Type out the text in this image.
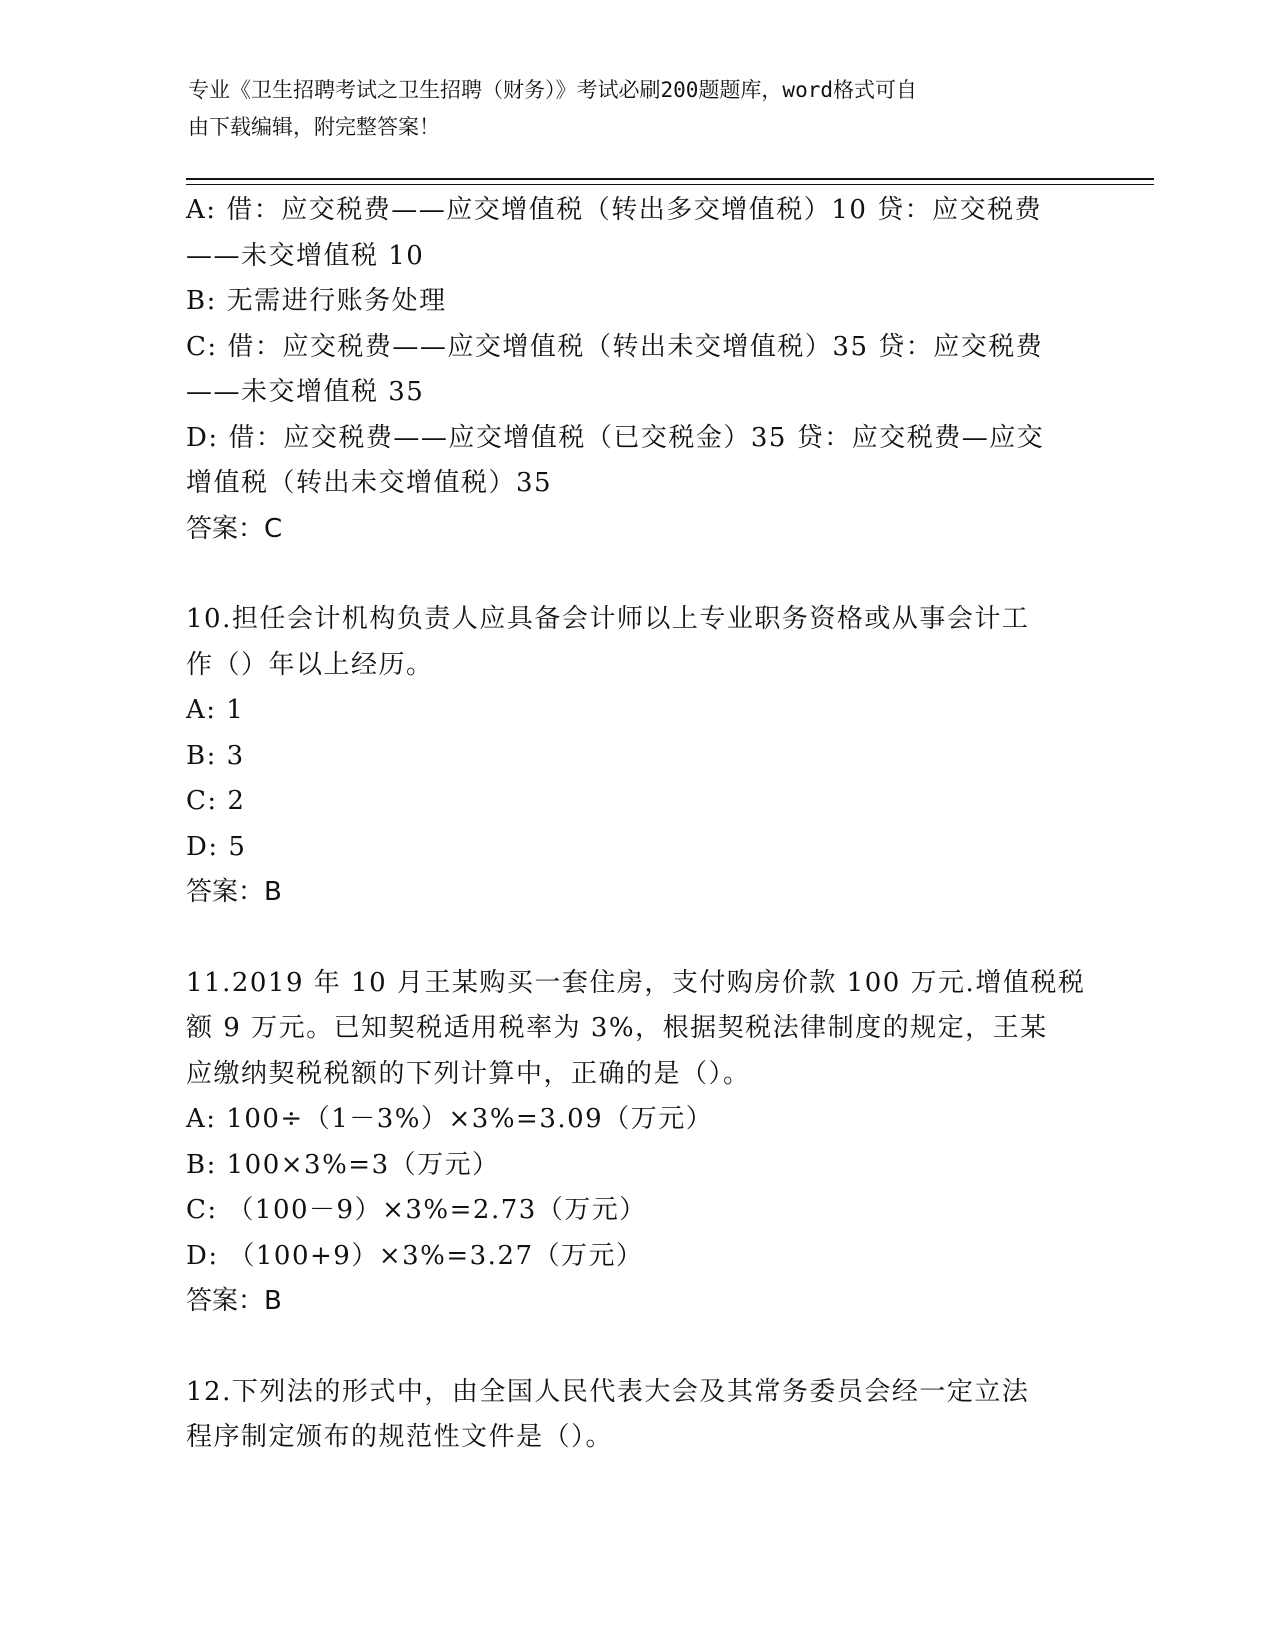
专业《卫生招聘考试之卫生招聘（财务）》考试必刷200题题库，word格式可自
由下载编辑，附完整答案！
A: 借：应交税费——应交增值税（转出多交增值税）10 贷：应交税费
——未交增值税 10
B: 无需进行账务处理
C: 借：应交税费——应交增值税（转出未交增值税）35 贷：应交税费
——未交增值税 35
D: 借：应交税费——应交增值税（已交税金）35 贷：应交税费—应交
增值税（转出未交增值税）35
答案：C
10.担任会计机构负责人应具备会计师以上专业职务资格或从事会计工
作（）年以上经历。
A: 1
B: 3
C: 2
D: 5
答案：B
11.2019 年 10 月王某购买一套住房，支付购房价款 100 万元.增值税税
额 9 万元。已知契税适用税率为 3%，根据契税法律制度的规定，王某
应缴纳契税税额的下列计算中，正确的是（）。
A: 100÷（1－3%）×3%=3.09（万元）
B: 100×3%=3（万元）
C: （100－9）×3%=2.73（万元）
D: （100+9）×3%=3.27（万元）
答案：B
12.下列法的形式中，由全国人民代表大会及其常务委员会经一定立法
程序制定颁布的规范性文件是（）。
